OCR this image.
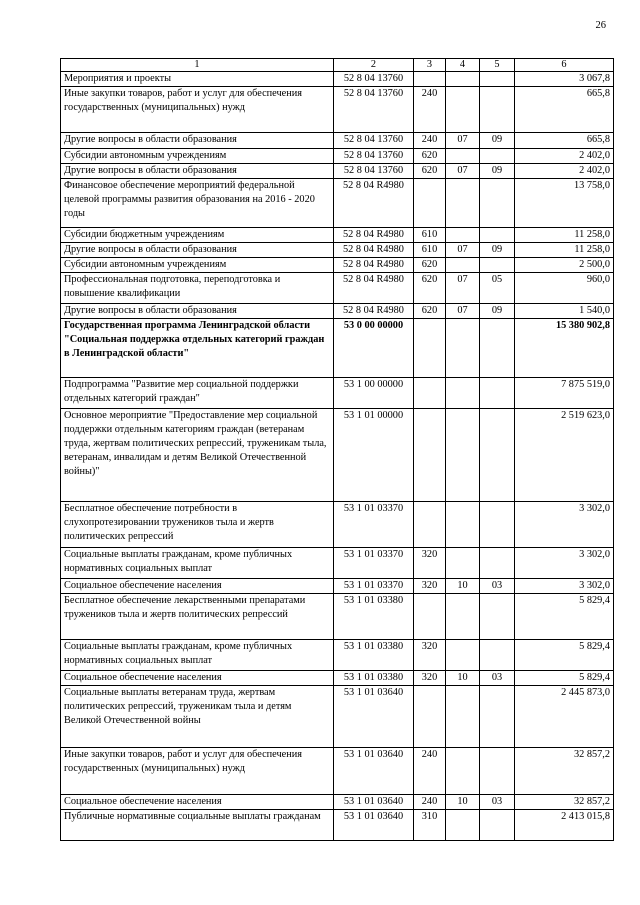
26
1	2	3	4	5	6
Мероприятия и проекты	52 8 04 13760				3 067,8
Иные закупки товаров, работ и услуг для обеспечения государственных (муниципальных) нужд	52 8 04 13760	240			665,8
Другие вопросы в области образования	52 8 04 13760	240	07	09	665,8
Субсидии автономным учреждениям	52 8 04 13760	620			2 402,0
Другие вопросы в области образования	52 8 04 13760	620	07	09	2 402,0
Финансовое обеспечение мероприятий федеральной целевой программы развития образования на 2016 - 2020 годы	52 8 04 R4980				13 758,0
Субсидии бюджетным учреждениям	52 8 04 R4980	610			11 258,0
Другие вопросы в области образования	52 8 04 R4980	610	07	09	11 258,0
Субсидии автономным учреждениям	52 8 04 R4980	620			2 500,0
Профессиональная подготовка, переподготовка и повышение квалификации	52 8 04 R4980	620	07	05	960,0
Другие вопросы в области образования	52 8 04 R4980	620	07	09	1 540,0
Государственная программа Ленинградской области "Социальная поддержка отдельных категорий граждан в Ленинградской области"	53 0 00 00000				15 380 902,8
Подпрограмма "Развитие мер социальной поддержки отдельных категорий граждан"	53 1 00 00000				7 875 519,0
Основное мероприятие "Предоставление мер социальной поддержки отдельным категориям граждан (ветеранам труда, жертвам политических репрессий, труженикам тыла, ветеранам, инвалидам и детям Великой Отечественной войны)"	53 1 01 00000				2 519 623,0
Бесплатное обеспечение потребности в слухопротезировании тружеников тыла и жертв политических репрессий	53 1 01 03370				3 302,0
Социальные выплаты гражданам, кроме публичных нормативных социальных выплат	53 1 01 03370	320			3 302,0
Социальное обеспечение населения	53 1 01 03370	320	10	03	3 302,0
Бесплатное обеспечение лекарственными препаратами тружеников тыла и жертв политических репрессий	53 1 01 03380				5 829,4
Социальные выплаты гражданам, кроме публичных нормативных социальных выплат	53 1 01 03380	320			5 829,4
Социальное обеспечение населения	53 1 01 03380	320	10	03	5 829,4
Социальные выплаты ветеранам труда, жертвам политических репрессий, труженикам тыла и детям Великой Отечественной войны	53 1 01 03640				2 445 873,0
Иные закупки товаров, работ и услуг для обеспечения государственных (муниципальных) нужд	53 1 01 03640	240			32 857,2
Социальное обеспечение населения	53 1 01 03640	240	10	03	32 857,2
Публичные нормативные социальные выплаты гражданам	53 1 01 03640	310			2 413 015,8
